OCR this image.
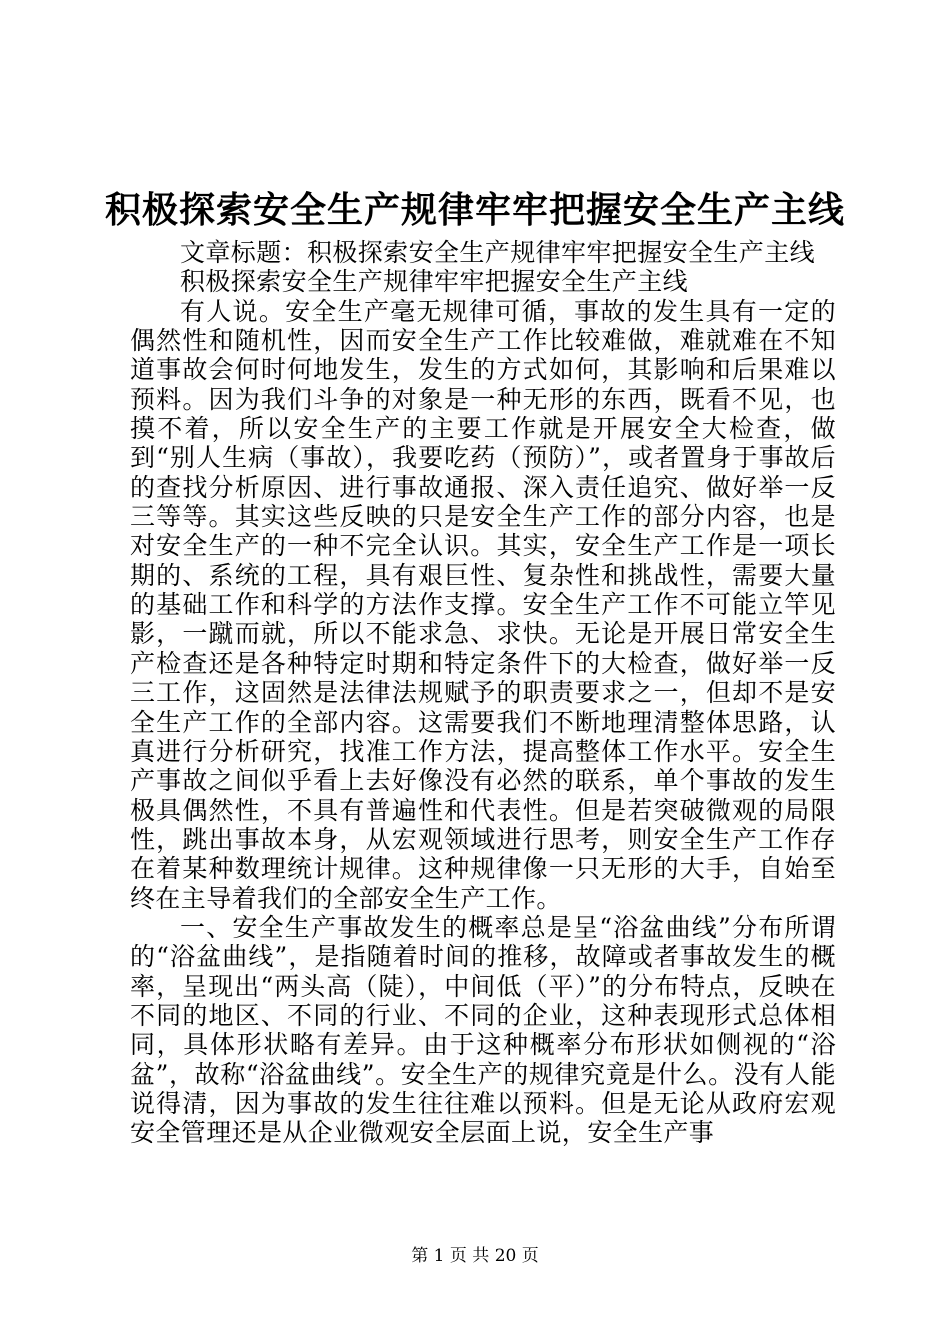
积极探索安全生产规律牢牢把握安全生产主线

文章标题：积极探索安全生产规律牢牢把握安全生产主线

积极探索安全生产规律牢牢把握安全生产主线

有人说。安全生产毫无规律可循，事故的发生具有一定的偶然性和随机性，因而安全生产工作比较难做，难就难在不知道事故会何时何地发生，发生的方式如何，其影响和后果难以预料。因为我们斗争的对象是一种无形的东西，既看不见，也摸不着，所以安全生产的主要工作就是开展安全大检查，做到“别人生病（事故），我要吃药（预防）”，或者置身于事故后的查找分析原因、进行事故通报、深入责任追究、做好举一反三等等。其实这些反映的只是安全生产工作的部分内容，也是对安全生产的一种不完全认识。其实，安全生产工作是一项长期的、系统的工程，具有艰巨性、复杂性和挑战性，需要大量的基础工作和科学的方法作支撑。安全生产工作不可能立竿见影，一蹴而就，所以不能求急、求快。无论是开展日常安全生产检查还是各种特定时期和特定条件下的大检查，做好举一反三工作，这固然是法律法规赋予的职责要求之一，但却不是安全生产工作的全部内容。这需要我们不断地理清整体思路，认真进行分析研究，找准工作方法，提高整体工作水平。安全生产事故之间似乎看上去好像没有必然的联系，单个事故的发生极具偶然性，不具有普遍性和代表性。但是若突破微观的局限性，跳出事故本身，从宏观领域进行思考，则安全生产工作存在着某种数理统计规律。这种规律像一只无形的大手，自始至终在主导着我们的全部安全生产工作。

一、安全生产事故发生的概率总是呈“浴盆曲线”分布所谓的“浴盆曲线”，是指随着时间的推移，故障或者事故发生的概率，呈现出“两头高（陡），中间低（平）”的分布特点，反映在不同的地区、不同的行业、不同的企业，这种表现形式总体相同，具体形状略有差异。由于这种概率分布形状如侧视的“浴盆”，故称“浴盆曲线”。安全生产的规律究竟是什么。没有人能说得清，因为事故的发生往往难以预料。但是无论从政府宏观安全管理还是从企业微观安全层面上说，安全生产事

第 1 页 共 20 页
